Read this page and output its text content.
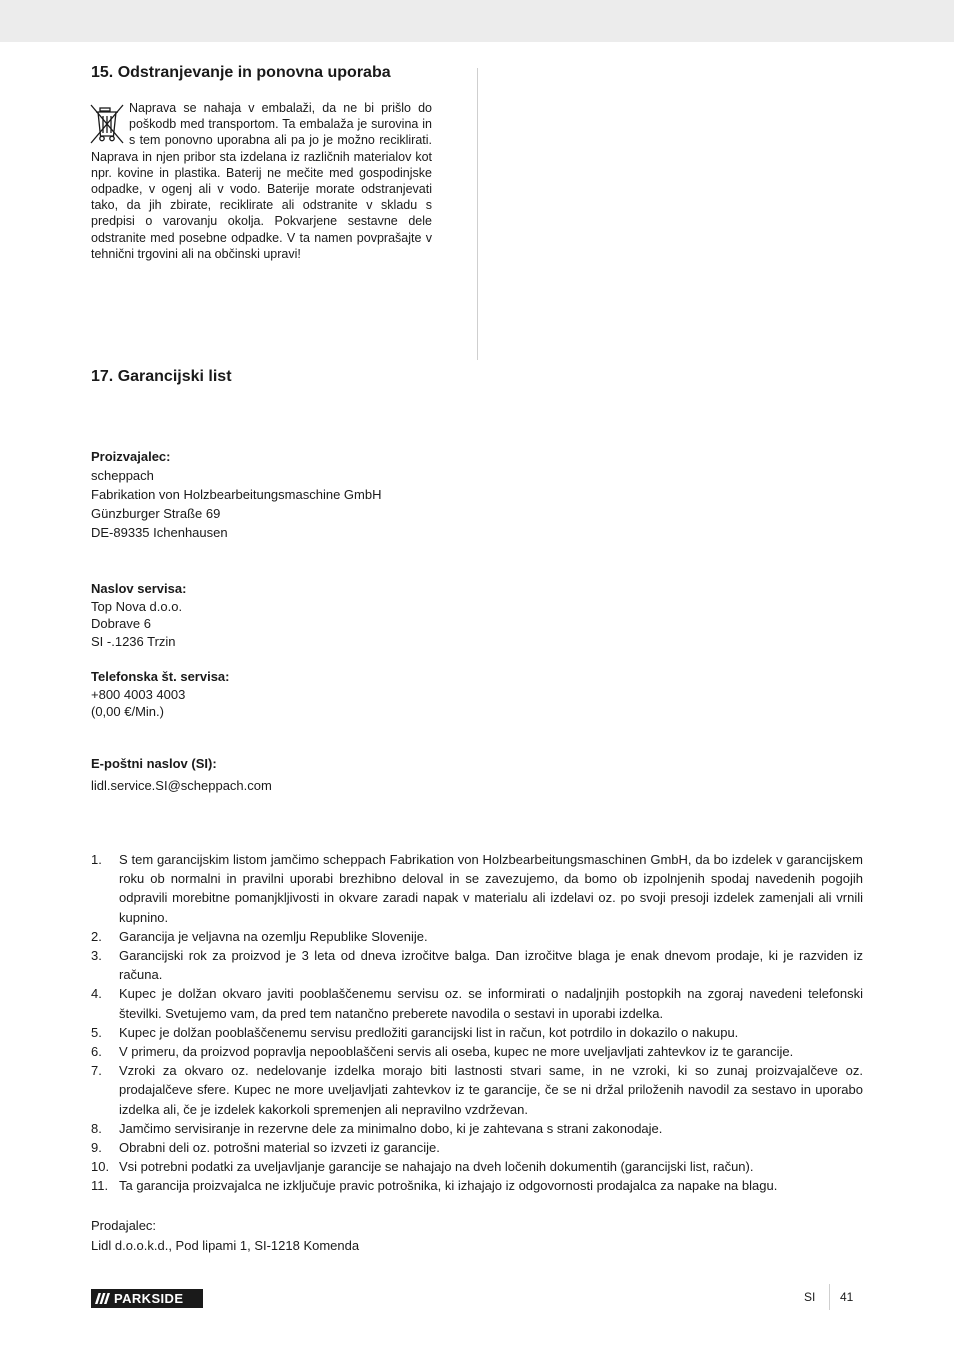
15. Odstranjevanje in ponovna uporaba
Naprava se nahaja v embalaži, da ne bi prišlo do poškodb med transportom. Ta embalaža je surovina in s tem ponovno uporabna ali pa jo je možno reciklirati. Naprava in njen pribor sta izdelana iz različnih materialov kot npr. kovine in plastika. Baterij ne mečite med gospodinjske odpadke, v ogenj ali v vodo. Baterije morate odstranjevati tako, da jih zbirate, reciklirate ali odstranite v skladu s predpisi o varovanju okolja. Pokvarjene sestavne dele odstranite med posebne odpadke. V ta namen povprašajte v tehnični trgovini ali na občinski upravi!
17. Garancijski list
Proizvajalec:
scheppach
Fabrikation von Holzbearbeitungsmaschine GmbH
Günzburger Straße 69
DE-89335 Ichenhausen
Naslov servisa:
Top Nova d.o.o.
Dobrave 6
SI -.1236 Trzin
Telefonska št. servisa:
+800 4003 4003
(0,00 €/Min.)
E-poštni naslov (SI):
lidl.service.SI@scheppach.com
1.	S tem garancijskim listom jamčimo scheppach Fabrikation von Holzbearbeitungsmaschinen GmbH, da bo izdelek v garancijskem roku ob normalni in pravilni uporabi brezhibno deloval in se zavezujemo, da bomo ob izpolnjenih spodaj navedenih pogojih odpravili morebitne pomanjkljivosti in okvare zaradi napak v materialu ali izdelavi oz. po svoji presoji izdelek zamenjali ali vrnili kupnino.
2.	Garancija je veljavna na ozemlju Republike Slovenije.
3.	Garancijski rok za proizvod je 3 leta od dneva izročitve balga. Dan izročitve blaga je enak dnevom prodaje, ki je razviden iz računa.
4.	Kupec je dolžan okvaro javiti pooblaščenemu servisu oz. se informirati o nadaljnjih postopkih na zgoraj navedeni telefonski številki. Svetujemo vam, da pred tem natančno preberete navodila o sestavi in uporabi izdelka.
5.	Kupec je dolžan pooblaščenemu servisu predložiti garancijski list in račun, kot potrdilo in dokazilo o nakupu.
6.	V primeru, da proizvod popravlja nepooblaščeni servis ali oseba, kupec ne more uveljavljati zahtevkov iz te garancije.
7.	Vzroki za okvaro oz. nedelovanje izdelka morajo biti lastnosti stvari same, in ne vzroki, ki so zunaj proizvajalčeve oz. prodajalčeve sfere. Kupec ne more uveljavljati zahtevkov iz te garancije, če se ni držal priloženih navodil za sestavo in uporabo izdelka ali, če je izdelek kakorkoli spremenjen ali nepravilno vzdrževan.
8.	Jamčimo servisiranje in rezervne dele za minimalno dobo, ki je zahtevana s strani zakonodaje.
9.	Obrabni deli oz. potrošni material so izvzeti iz garancije.
10. Vsi potrebni podatki za uveljavljanje garancije se nahajajo na dveh ločenih dokumentih (garancijski list, račun).
11. Ta garancija proizvajalca ne izključuje pravic potrošnika, ki izhajajo iz odgovornosti prodajalca za napake na blagu.
Prodajalec:
Lidl d.o.o.k.d., Pod lipami 1, SI-1218 Komenda
PARKSIDE	SI 41
